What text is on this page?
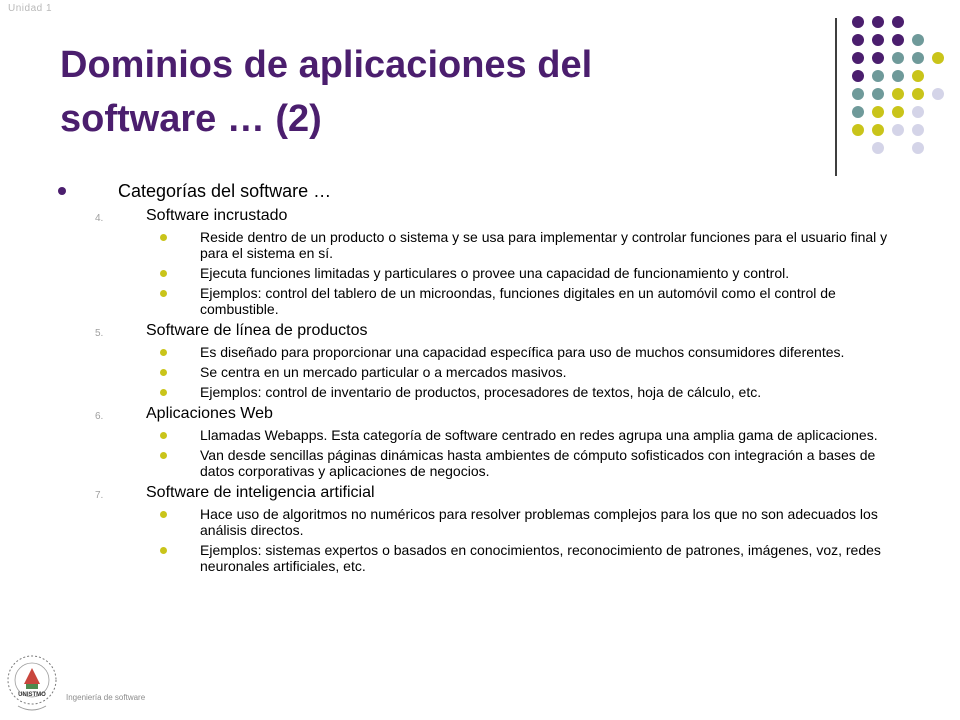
Unidad 1
Dominios de aplicaciones del
software … (2)
Categorías del software …
4.	Software incrustado
Reside dentro de un producto o sistema y se usa para implementar y controlar funciones para el usuario final y para el sistema en sí.
Ejecuta funciones limitadas y particulares o provee una capacidad de funcionamiento y control.
Ejemplos: control del tablero de un microondas, funciones digitales en un automóvil como el control de combustible.
5.	Software de línea de productos
Es diseñado para proporcionar una capacidad específica para uso de muchos consumidores diferentes.
Se centra en un mercado particular o a mercados masivos.
Ejemplos: control de inventario de productos, procesadores de textos, hoja de cálculo, etc.
6.	Aplicaciones Web
Llamadas Webapps. Esta categoría de software centrado en redes agrupa una amplia gama de aplicaciones.
Van desde sencillas páginas dinámicas hasta ambientes de cómputo sofisticados con integración a bases de datos corporativas y aplicaciones de negocios.
7.	Software de inteligencia artificial
Hace uso de algoritmos no numéricos para resolver problemas complejos para los que no son adecuados los análisis directos.
Ejemplos: sistemas expertos o basados en conocimientos, reconocimiento de patrones, imágenes, voz, redes neuronales artificiales, etc.
UNISTMO	Ingeniería de software
